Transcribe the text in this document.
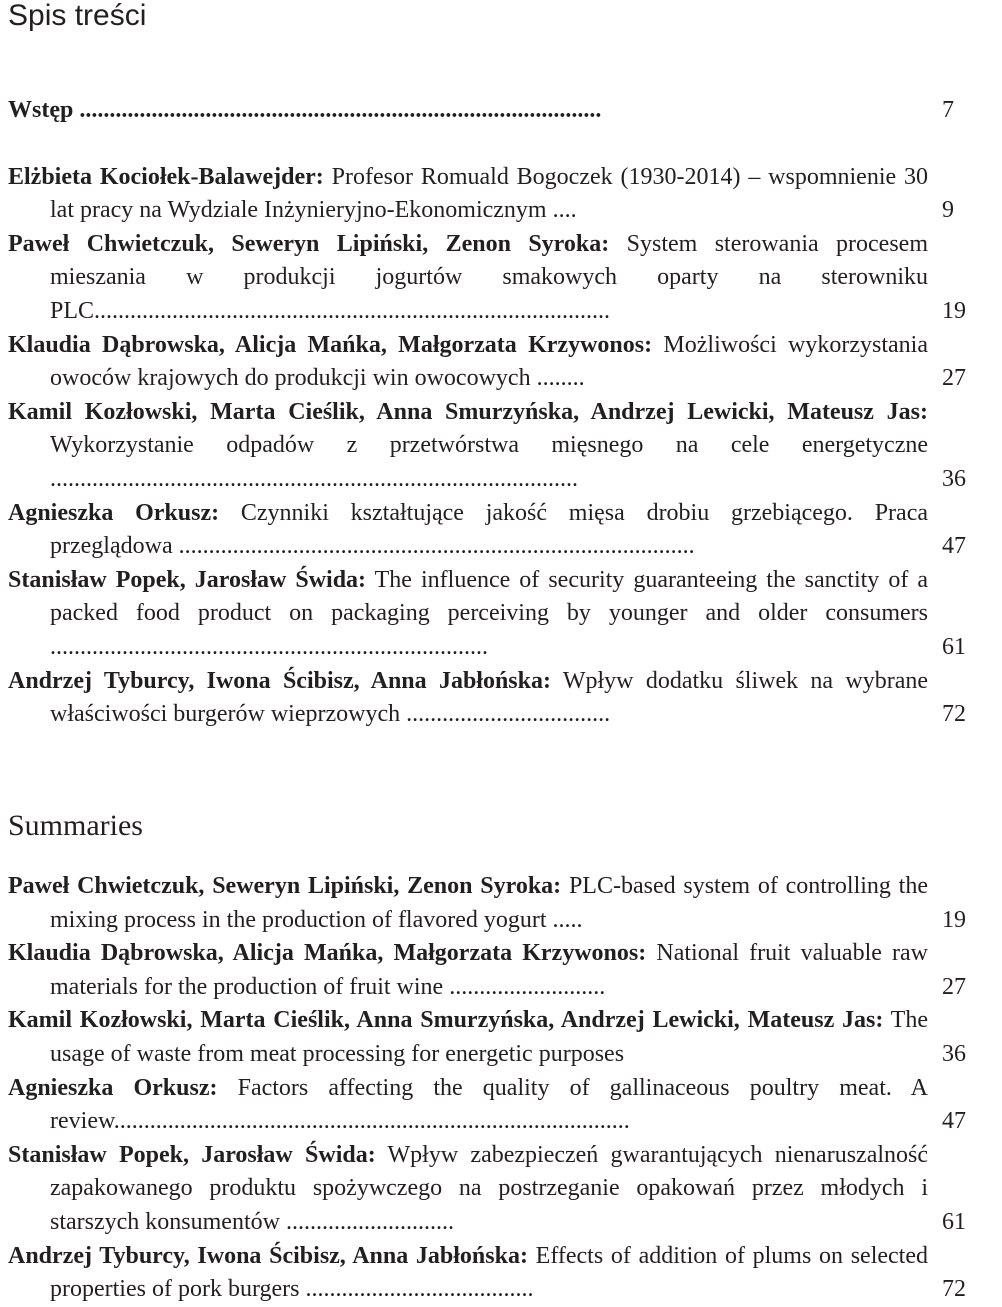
Spis treści
Wstęp .......................................................................................	7
Elżbieta Kociołek-Balawejder: Profesor Romuald Bogoczek (1930-2014) – wspomnienie 30 lat pracy na Wydziale Inżynieryjno-Ekonomicznym ....	9
Paweł Chwietczuk, Seweryn Lipiński, Zenon Syroka: System sterowania procesem mieszania w produkcji jogurtów smakowych oparty na sterowniku PLC......................................................................................	19
Klaudia Dąbrowska, Alicja Mańka, Małgorzata Krzywonos: Możliwości wykorzystania owoców krajowych do produkcji win owocowych ........	27
Kamil Kozłowski, Marta Cieślik, Anna Smurzyńska, Andrzej Lewicki, Mateusz Jas: Wykorzystanie odpadów z przetwórstwa mięsnego na cele energetyczne ........................................................................................	36
Agnieszka Orkusz: Czynniki kształtujące jakość mięsa drobiu grzebiącego. Praca przeglądowa ......................................................................................	47
Stanisław Popek, Jarosław Świda: The influence of security guaranteeing the sanctity of a packed food product on packaging perceiving by younger and older consumers .........................................................................	61
Andrzej Tyburcy, Iwona Ścibisz, Anna Jabłońska: Wpływ dodatku śliwek na wybrane właściwości burgerów wieprzowych ..................................	72
Summaries
Paweł Chwietczuk, Seweryn Lipiński, Zenon Syroka: PLC-based system of controlling the mixing process in the production of flavored yogurt .....	19
Klaudia Dąbrowska, Alicja Mańka, Małgorzata Krzywonos: National fruit valuable raw materials for the production of fruit wine ..........................	27
Kamil Kozłowski, Marta Cieślik, Anna Smurzyńska, Andrzej Lewicki, Mateusz Jas: The usage of waste from meat processing for energetic purposes	36
Agnieszka Orkusz: Factors affecting the quality of gallinaceous poultry meat. A review......................................................................................	47
Stanisław Popek, Jarosław Świda: Wpływ zabezpieczeń gwarantujących nienaruszalność zapakowanego produktu spożywczego na postrzeganie opakowań przez młodych i starszych konsumentów ............................	61
Andrzej Tyburcy, Iwona Ścibisz, Anna Jabłońska: Effects of addition of plums on selected properties of pork burgers ......................................	72
